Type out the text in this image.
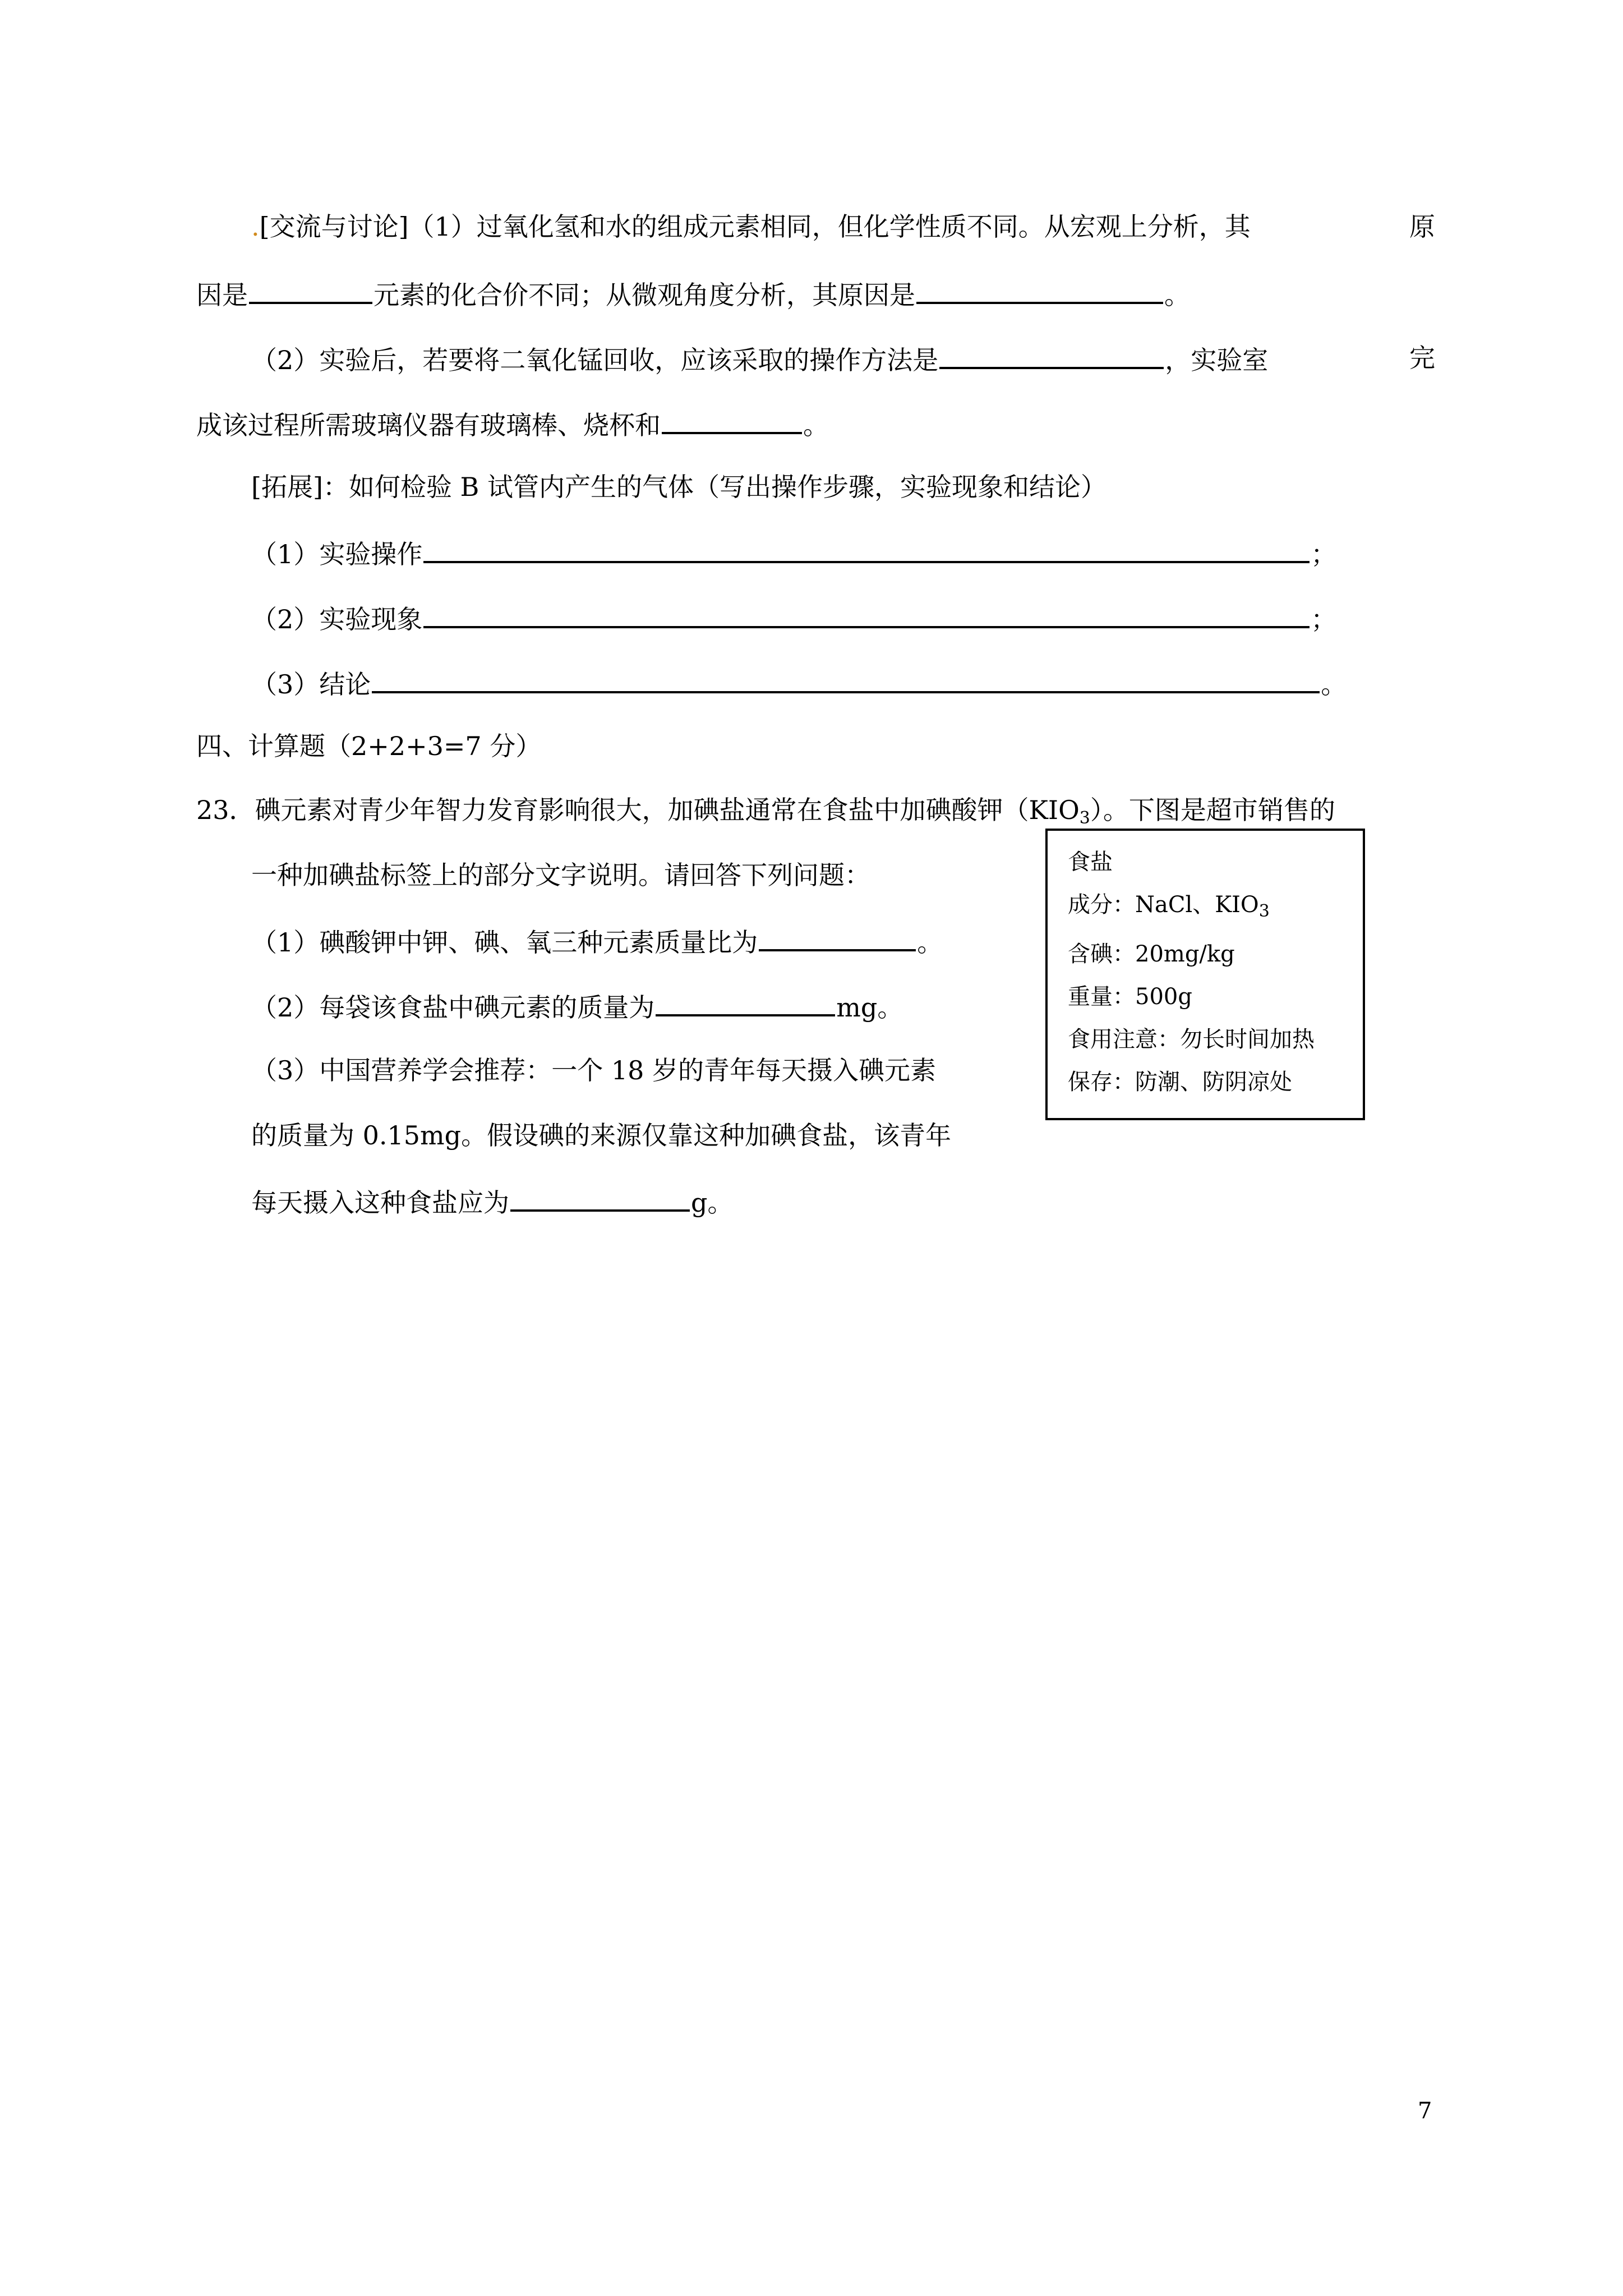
.[交流与讨论]（1）过氧化氢和水的组成元素相同，但化学性质不同。从宏观上分析，其	原
因是	元素的化合价不同；从微观角度分析，其原因是	。
（2）实验后，若要将二氧化锰回收，应该采取的操作方法是	，实验室	完
成该过程所需玻璃仪器有玻璃棒、烧杯和	。
[拓展]：如何检验 B 试管内产生的气体（写出操作步骤，实验现象和结论）
（1）实验操作	；
（2）实验现象	；
（3）结论	。
四、计算题（2+2+3=7 分）
23．碘元素对青少年智力发育影响很大，加碘盐通常在食盐中加碘酸钾$(KIO_3)$。下图是超市销售的
一种加碘盐标签上的部分文字说明。请回答下列问题：
（1）碘酸钾中钾、碘、氧三种元素质量比为	。
（2）每袋该食盐中碘元素的质量为	mg。
（3）中国营养学会推荐：一个 18 岁的青年每天摄入碘元素
的质量为 0.15mg。假设碘的来源仅靠这种加碘食盐，该青年
每天摄入这种食盐应为	g。
食盐
成分：NaCl、$KIO_3$
含碘：20mg/kg
重量：500g
食用注意：勿长时间加热
保存：防潮、防阴凉处
7
